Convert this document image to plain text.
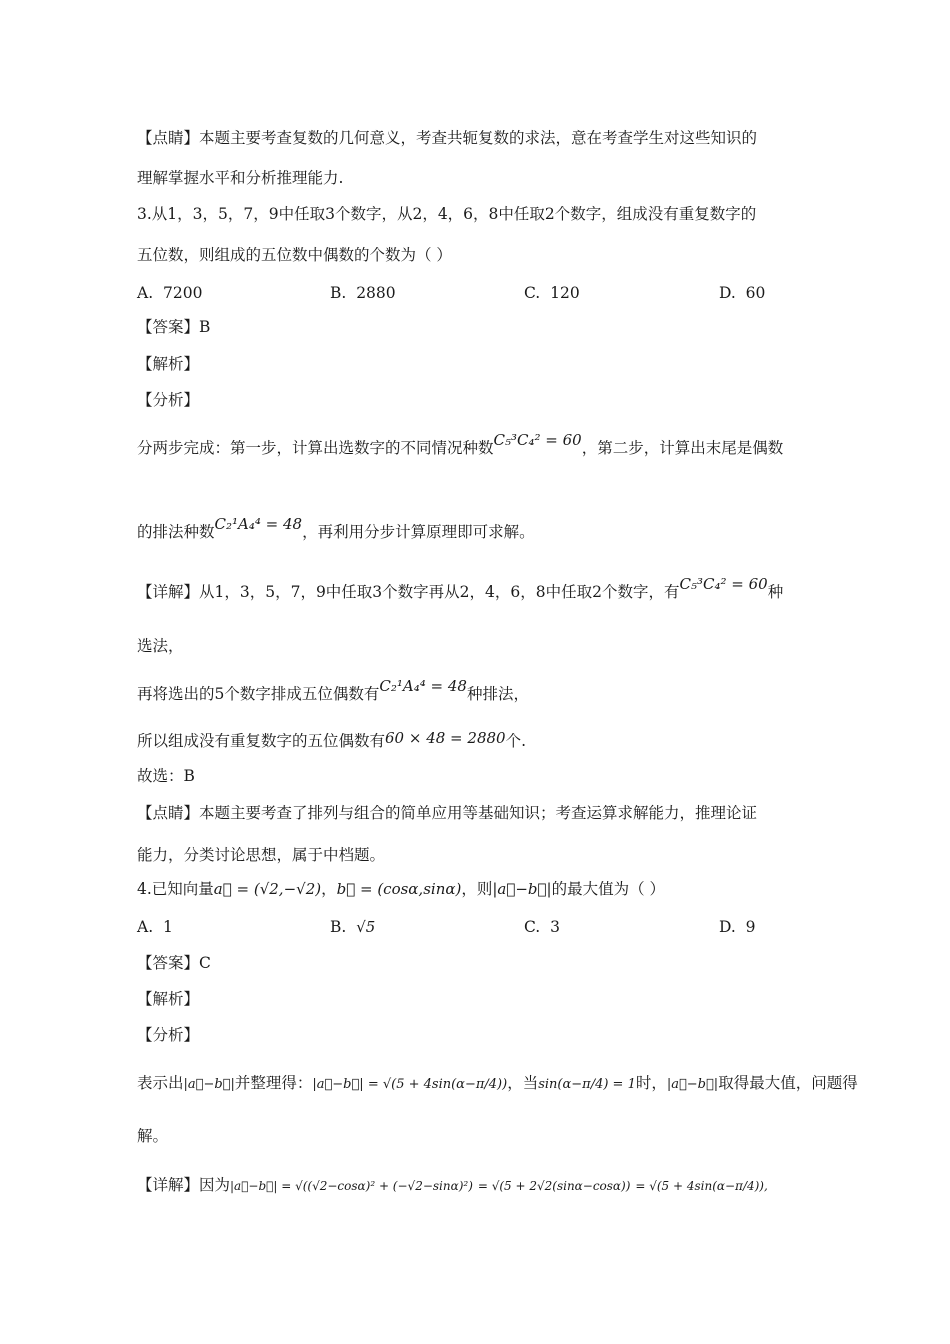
【点睛】本题主要考查复数的几何意义，考查共轭复数的求法，意在考查学生对这些知识的
理解掌握水平和分析推理能力.
3.从1，3，5，7，9中任取3个数字，从2，4，6，8中任取2个数字，组成没有重复数字的
五位数，则组成的五位数中偶数的个数为（ ）
A. 7200	B. 2880	C. 120	D. 60
【答案】B
【解析】
【分析】
分两步完成：第一步，计算出选数字的不同情况种数C₅³C₄² = 60，第二步，计算出末尾是偶数
的排法种数C₂¹A₄⁴ = 48，再利用分步计算原理即可求解。
【详解】从1，3，5，7，9中任取3个数字再从2，4，6，8中任取2个数字，有C₅³C₄² = 60种
选法，
再将选出的5个数字排成五位偶数有C₂¹A₄⁴ = 48种排法，
所以组成没有重复数字的五位偶数有60 × 48 = 2880个.
故选：B
【点睛】本题主要考查了排列与组合的简单应用等基础知识；考查运算求解能力，推理论证
能力，分类讨论思想，属于中档题。
4.已知向量a⃗ = (√2,−√2)，b⃗ = (cosα,sinα)，则|a⃗−b⃗|的最大值为（ ）
A. 1	B. √5	C. 3	D. 9
【答案】C
【解析】
【分析】
表示出|a⃗−b⃗|并整理得：|a⃗−b⃗| = √(5 + 4sin(α−π/4))，当sin(α−π/4) = 1时，|a⃗−b⃗|取得最大值，问题得
解。
【详解】因为|a⃗−b⃗| = √((√2−cosα)² + (−√2−sinα)²) = √(5 + 2√2(sinα−cosα)) = √(5 + 4sin(α−π/4)),
